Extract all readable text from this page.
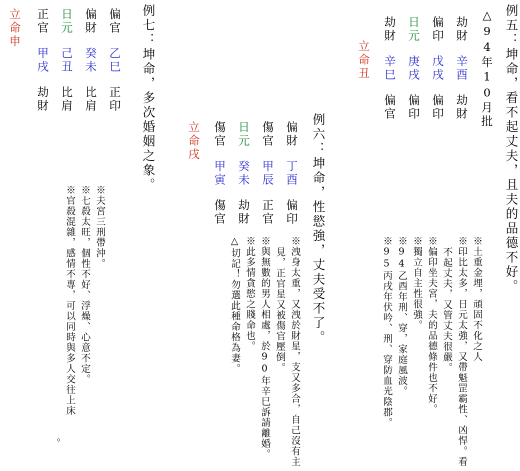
例五：坤命，看不起丈夫，且夫的品德不好。
△94年10月批
劫財辛酉劫財
偏印戊戌偏印
日元庚戌偏印
劫財辛巳偏官
立命丑
※土重金埋，頑固不化之人
※印比太多，日元太強，又帶魁罡霸性、凶悍。看
不起丈夫，又管丈夫很嚴。
※偏印坐夫宮，夫的品德條件也不好。
※獨立自主性很強。
※94乙酉年刑、穿，家庭風波。
※95丙戌年伏吟、刑、穿防血光陰郡。
例六：坤命，性慾強，丈夫受不了。
偏財丁酉偏印
傷官甲辰正官
日元癸未劫財
傷官甲寅傷官
立命戌
※洩身太重，又洩於財星，支又多合，自己沒有主
見，正官星又被傷官壓倒。
※與無數的男人相處，於90年辛巳訴請離婚。
※此多情貪慾之賤命也。
△切記！勿選此種命格為妻。
例七：坤命，多次婚姻之象。
偏官乙巳正印
偏財癸未比肩
日元己丑比肩
正官甲戌劫財
立命申
※夫宮三刑帶沖。
※七殺太旺，個性不好、浮燥、心意不定。
※官殺混雜，感情不專，可以同時與多人交往上床
。
